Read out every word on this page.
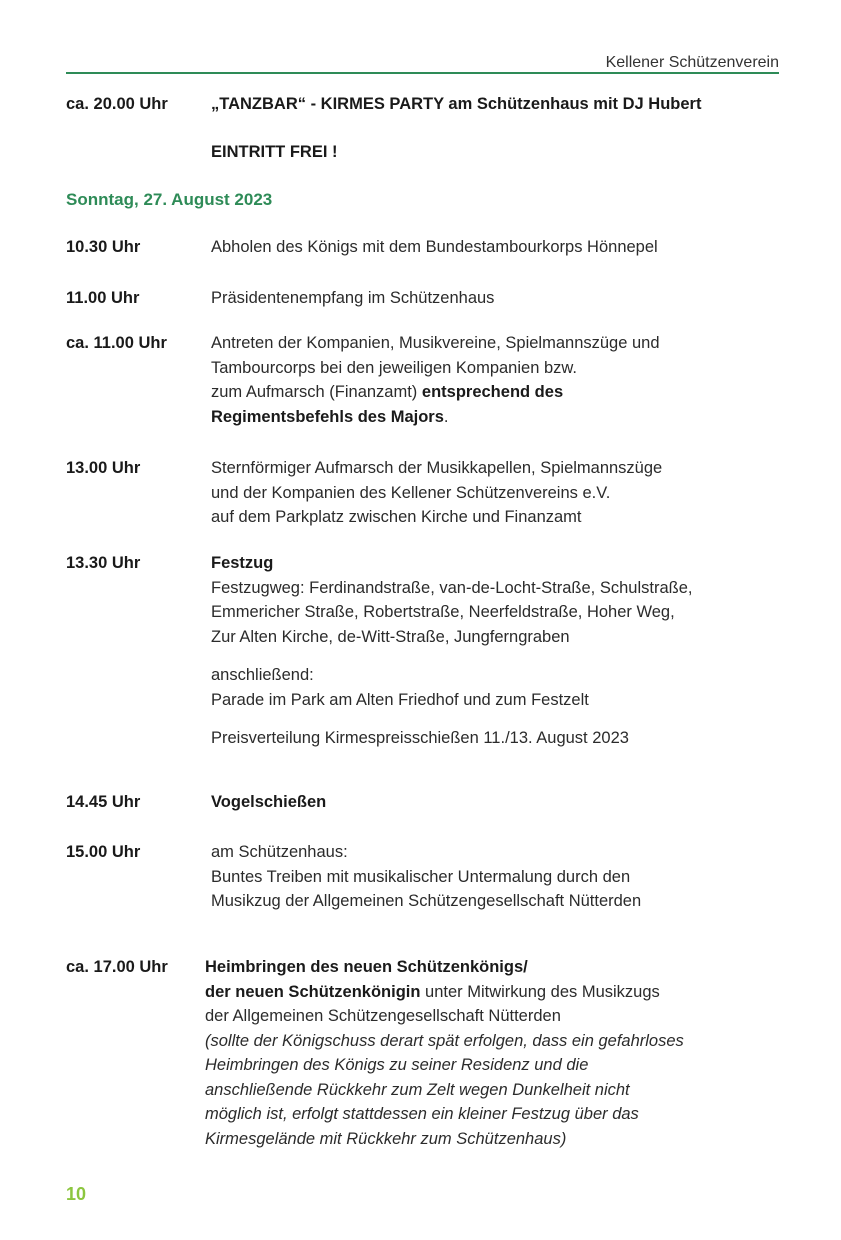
Kellener Schützenverein
ca. 20.00 Uhr	„TANZBAR“ - KIRMES PARTY am Schützenhaus mit DJ Hubert

EINTRITT FREI !

Sonntag, 27. August 2023
10.30 Uhr	Abholen des Königs mit dem Bundestambourkorps Hönnepel

11.00 Uhr	Präsidentenempfang im Schützenhaus

ca. 11.00 Uhr	Antreten der Kompanien, Musikvereine, Spielmannszüge und

Tambourcorps bei den jeweiligen Kompanien bzw.

zum Aufmarsch (Finanzamt) entsprechend des

Regimentsbefehls des Majors.

13.00 Uhr	Sternförmiger Aufmarsch der Musikkapellen, Spielmannszüge

und der Kompanien des Kellener Schützenvereins e.V.

auf dem Parkplatz zwischen Kirche und Finanzamt

13.30 Uhr	Festzug

Festzugweg: Ferdinandstraße, van-de-Locht-Straße, Schulstraße,

Emmericher Straße, Robertstraße, Neerfeldstraße, Hoher Weg,

Zur Alten Kirche, de-Witt-Straße, Jungferngraben

anschließend:

Parade im Park am Alten Friedhof und zum Festzelt

Preisverteilung Kirmespreisschießen 11./13. August 2023

14.45 Uhr	Vogelschießen

15.00 Uhr	am Schützenhaus:

Buntes Treiben mit musikalischer Untermalung durch den

Musikzug der Allgemeinen Schützengesellschaft Nütterden

ca. 17.00 Uhr Heimbringen des neuen Schützenkönigs/

der neuen Schützenkönigin unter Mitwirkung des Musikzugs

der Allgemeinen Schützengesellschaft Nütterden

(sollte der Königschuss derart spät erfolgen, dass ein gefahrloses

Heimbringen des Königs zu seiner Residenz und die

anschließende Rückkehr zum Zelt wegen Dunkelheit nicht

möglich ist, erfolgt stattdessen ein kleiner Festzug über das

Kirmesgelände mit Rückkehr zum Schützenhaus)

10
